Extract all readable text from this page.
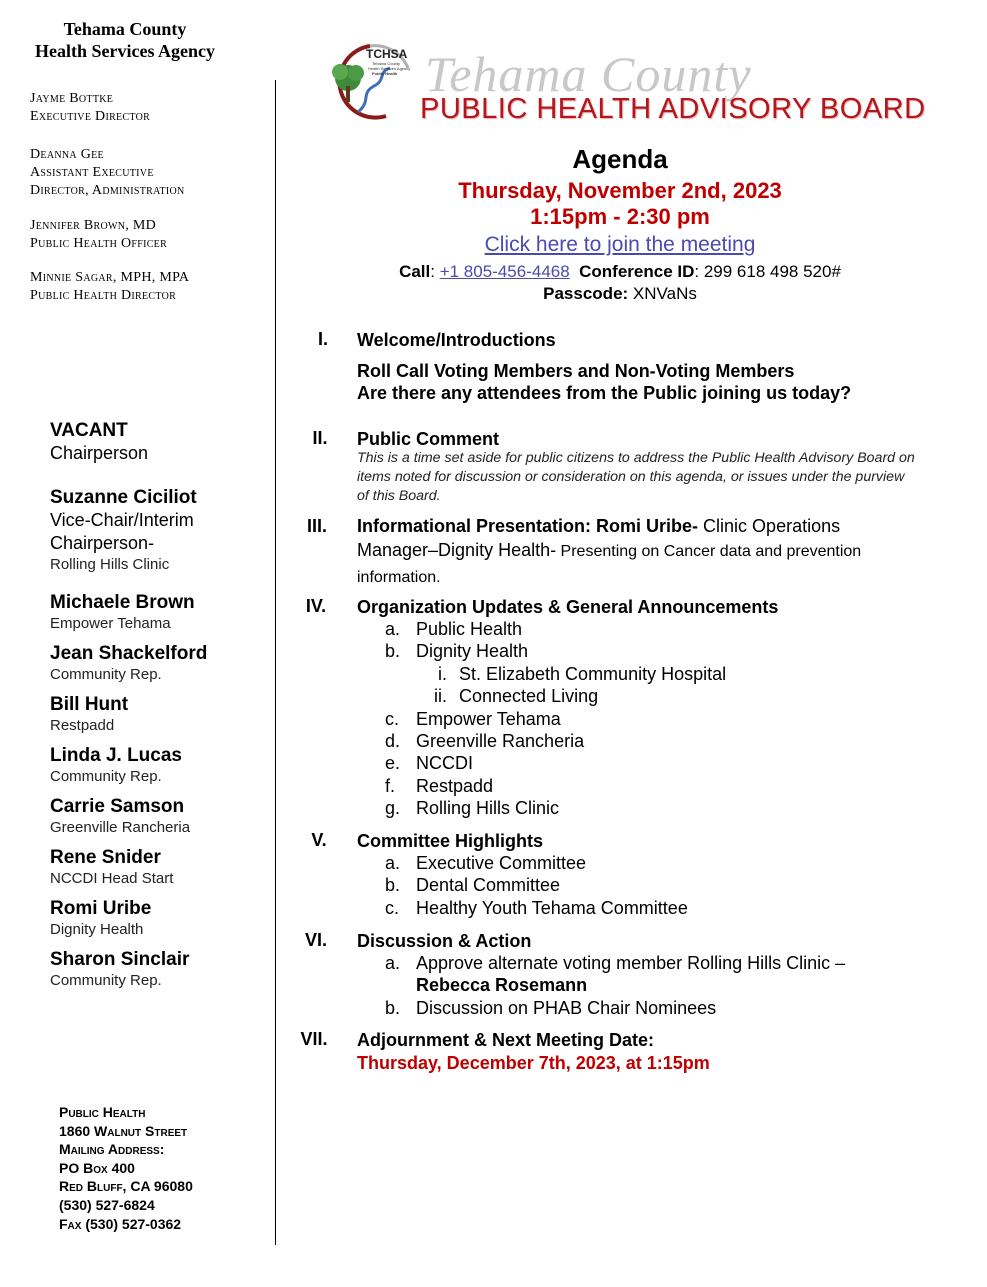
Tehama County
Health Services Agency
Jayme Bottke
Executive Director
Deanna Gee
Assistant Executive
Director, Administration
Jennifer Brown, MD
Public Health Officer
Minnie Sagar, MPH, MPA
Public Health Director
VACANT
Chairperson
Suzanne Ciciliot
Vice-Chair/Interim
Chairperson-
Rolling Hills Clinic
Michaele Brown
Empower Tehama
Jean Shackelford
Community Rep.
Bill Hunt
Restpadd
Linda J. Lucas
Community Rep.
Carrie Samson
Greenville Rancheria
Rene Snider
NCCDI Head Start
Romi Uribe
Dignity Health
Sharon Sinclair
Community Rep.
Public Health
1860 Walnut Street
Mailing Address:
PO Box 400
Red Bluff, CA 96080
(530) 527-6824
Fax (530) 527-0362
TCHSA
Tehama County
Health Services Agency
Public Health Tehama County
PUBLIC HEALTH ADVISORY BOARD
Agenda
Thursday, November 2nd, 2023
1:15pm - 2:30 pm
Click here to join the meeting
Call: +1 805-456-4468 Conference ID: 299 618 498 520#
Passcode: XNVaNs
I.	Welcome/Introductions
Roll Call Voting Members and Non-Voting Members
Are there any attendees from the Public joining us today?
II.	Public Comment
This is a time set aside for public citizens to address the Public Health Advisory Board on items noted for discussion or consideration on this agenda, or issues under the purview of this Board.
III.	Informational Presentation: Romi Uribe- Clinic Operations Manager–Dignity Health- Presenting on Cancer data and prevention information.
IV.	Organization Updates & General Announcements
a. Public Health
b. Dignity Health
i. St. Elizabeth Community Hospital
ii. Connected Living
c. Empower Tehama
d. Greenville Rancheria
e. NCCDI
f.	Restpadd
g. Rolling Hills Clinic
V.	Committee Highlights
a. Executive Committee
b. Dental Committee
c. Healthy Youth Tehama Committee
VI.	Discussion & Action
a. Approve alternate voting member Rolling Hills Clinic –
Rebecca Rosemann
b. Discussion on PHAB Chair Nominees
VII.	Adjournment & Next Meeting Date:
Thursday, December 7th, 2023, at 1:15pm
